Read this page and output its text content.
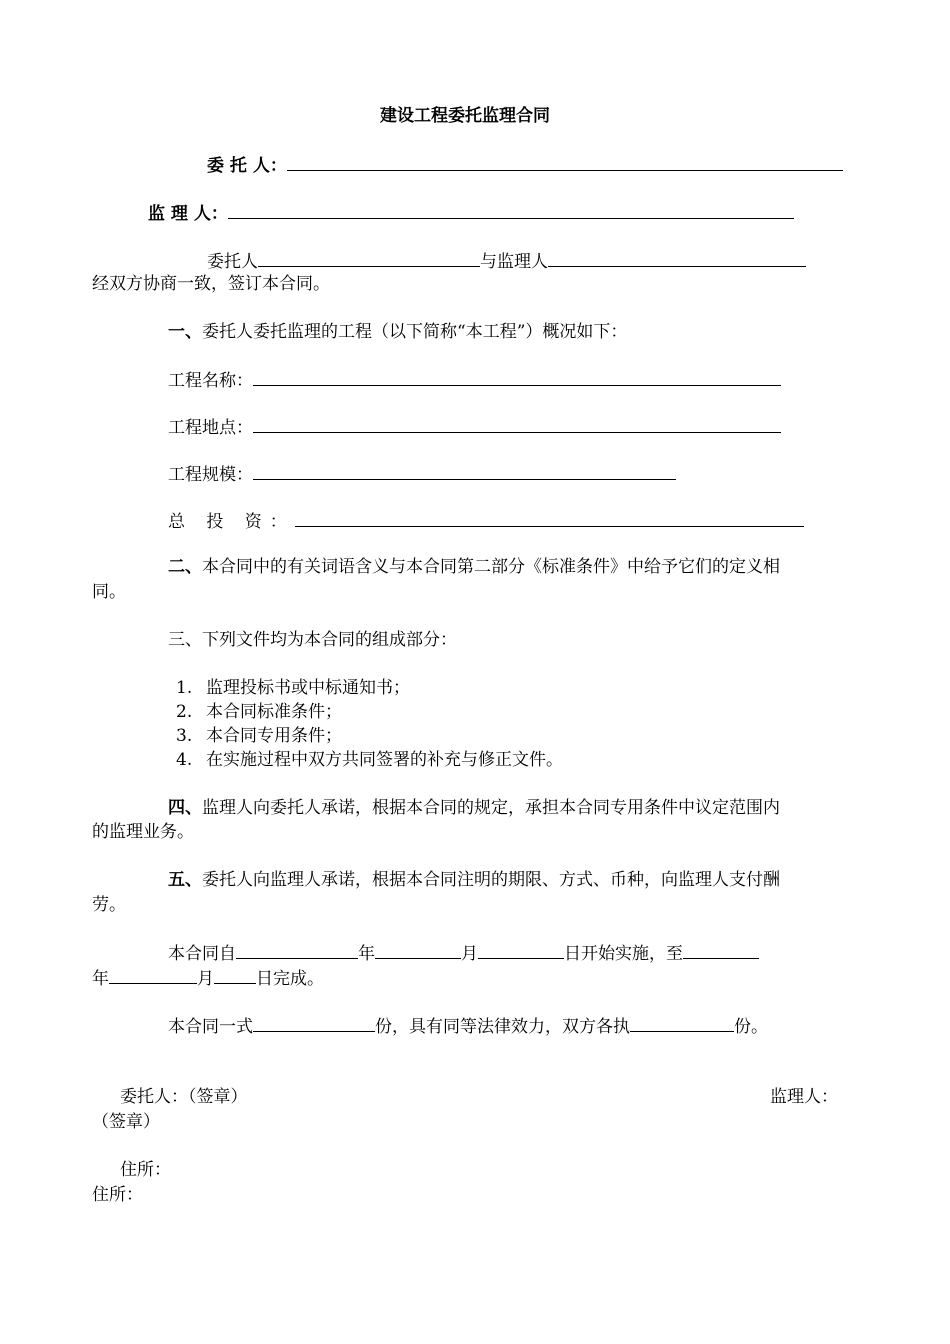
建设工程委托监理合同
委 托 人：
监 理 人：
委托人	与监理人
经双方协商一致，签订本合同。
一、委托人委托监理的工程（以下简称“本工程”）概况如下：
工程名称：
工程地点：
工程规模：
总 投 资：
二、本合同中的有关词语含义与本合同第二部分《标准条件》中给予它们的定义相
同。
三、下列文件均为本合同的组成部分：
1. 监理投标书或中标通知书；
2. 本合同标准条件；
3. 本合同专用条件；
4. 在实施过程中双方共同签署的补充与修正文件。
四、监理人向委托人承诺，根据本合同的规定，承担本合同专用条件中议定范围内
的监理业务。
五、委托人向监理人承诺，根据本合同注明的期限、方式、币种，向监理人支付酬
劳。
本合同自	年	月	日开始实施，至
年	月 日完成。
本合同一式	份，具有同等法律效力，双方各执	份。
委托人：（签章）	监理人：
（签章）
住所：
住所：
